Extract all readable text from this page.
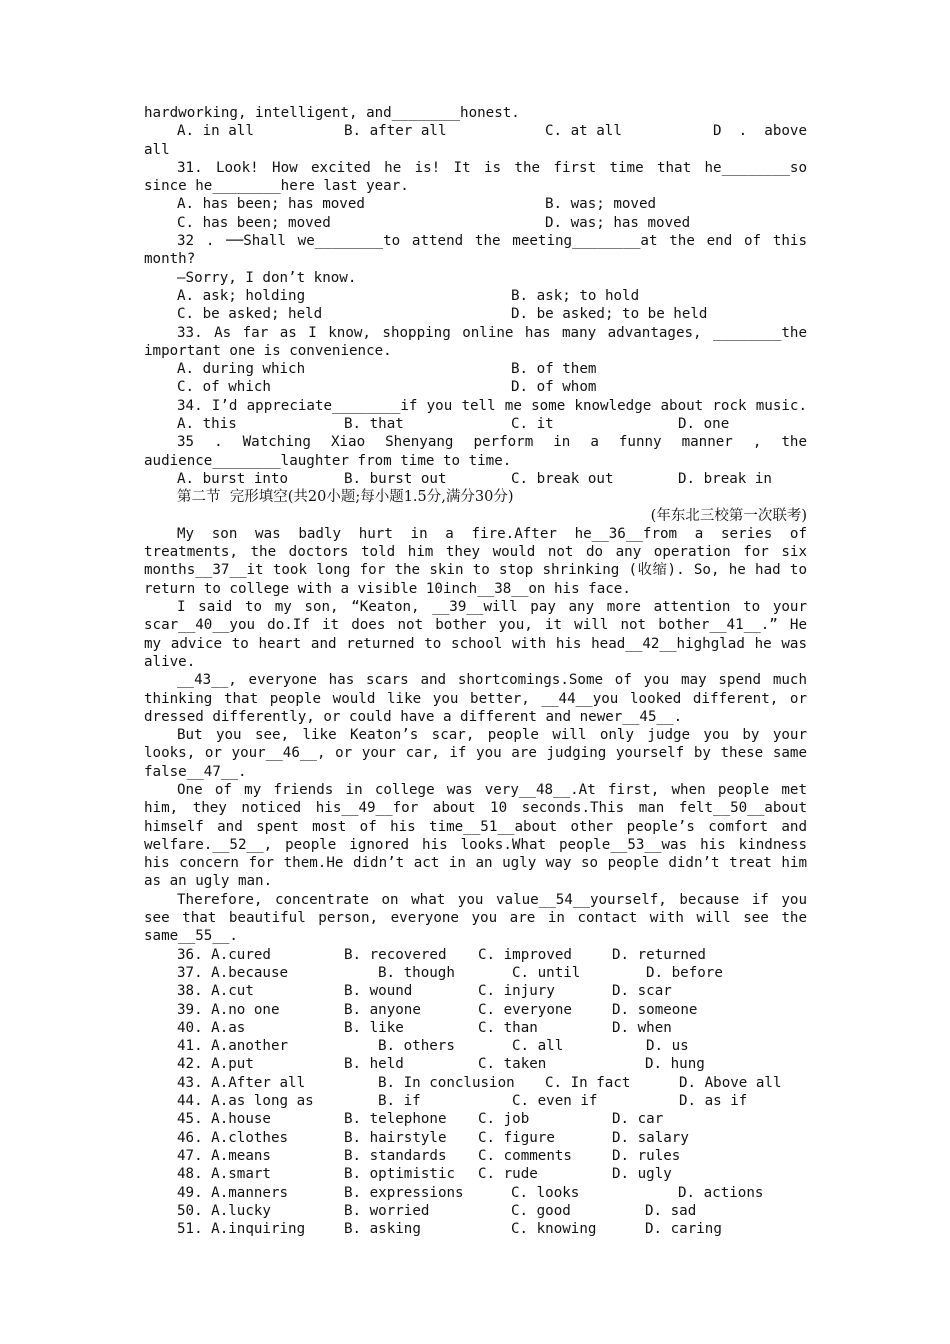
hardworking, intelligent, and________honest.
A. in all	B. after all	C. at all	D . above
all
31. Look! How excited he is! It is the first time that he________so
since he________here last year.
A. has been; has moved	B. was; moved
C. has been; moved	D. was; has moved
32 . ──Shall we________to attend the meeting________at the end of this
month?
—Sorry, I don’t know.
A. ask; holding	B. ask; to hold
C. be asked; held	D. be asked; to be held
33. As far as I know, shopping online has many advantages, ________the
important one is convenience.
A. during which	B. of them
C. of which	D. of whom
34. I’d appreciate________if you tell me some knowledge about rock music.
A. this	B. that	C. it	D. one
35 . Watching Xiao Shenyang perform in a funny manner , the
audience________laughter from time to time.
A. burst into	B. burst out	C. break out	D. break in
第二节  完形填空(共20小题;每小题1.5分,满分30分)
(年东北三校第一次联考)
My son was badly hurt in a fire.After he__36__from a series of
treatments, the doctors told him they would not do any operation for six
months__37__it took long for the skin to stop shrinking (收缩). So, he had to
return to college with a visible 10inch__38__on his face.
I said to my son, “Keaton, __39__will pay any more attention to your
scar__40__you do.If it does not bother you, it will not bother__41__.” He
my advice to heart and returned to school with his head__42__highglad he was
alive.
__43__, everyone has scars and shortcomings.Some of you may spend much
thinking that people would like you better, __44__you looked different, or
dressed differently, or could have a different and newer__45__.
But you see, like Keaton’s scar, people will only judge you by your
looks, or your__46__, or your car, if you are judging yourself by these same
false__47__.
One of my friends in college was very__48__.At first, when people met
him, they noticed his__49__for about 10 seconds.This man felt__50__about
himself and spent most of his time__51__about other people’s comfort and
welfare.__52__, people ignored his looks.What people__53__was his kindness
his concern for them.He didn’t act in an ugly way so people didn’t treat him
as an ugly man.
Therefore, concentrate on what you value__54__yourself, because if you
see that beautiful person, everyone you are in contact with will see the
same__55__.
36. A.cured	B. recovered	C. improved	D. returned
37. A.because	B. though	C. until	D. before
38. A.cut	B. wound	C. injury	D. scar
39. A.no one	B. anyone	C. everyone	D. someone
40. A.as	B. like	C. than	D. when
41. A.another	B. others	C. all	D. us
42. A.put	B. held	C. taken	D. hung
43. A.After all	B. In conclusion	C. In fact	D. Above all
44. A.as long as	B. if	C. even if	D. as if
45. A.house	B. telephone	C. job	D. car
46. A.clothes	B. hairstyle	C. figure	D. salary
47. A.means	B. standards	C. comments	D. rules
48. A.smart	B. optimistic	C. rude	D. ugly
49. A.manners	B. expressions	C. looks	D. actions
50. A.lucky	B. worried	C. good	D. sad
51. A.inquiring	B. asking	C. knowing	D. caring
